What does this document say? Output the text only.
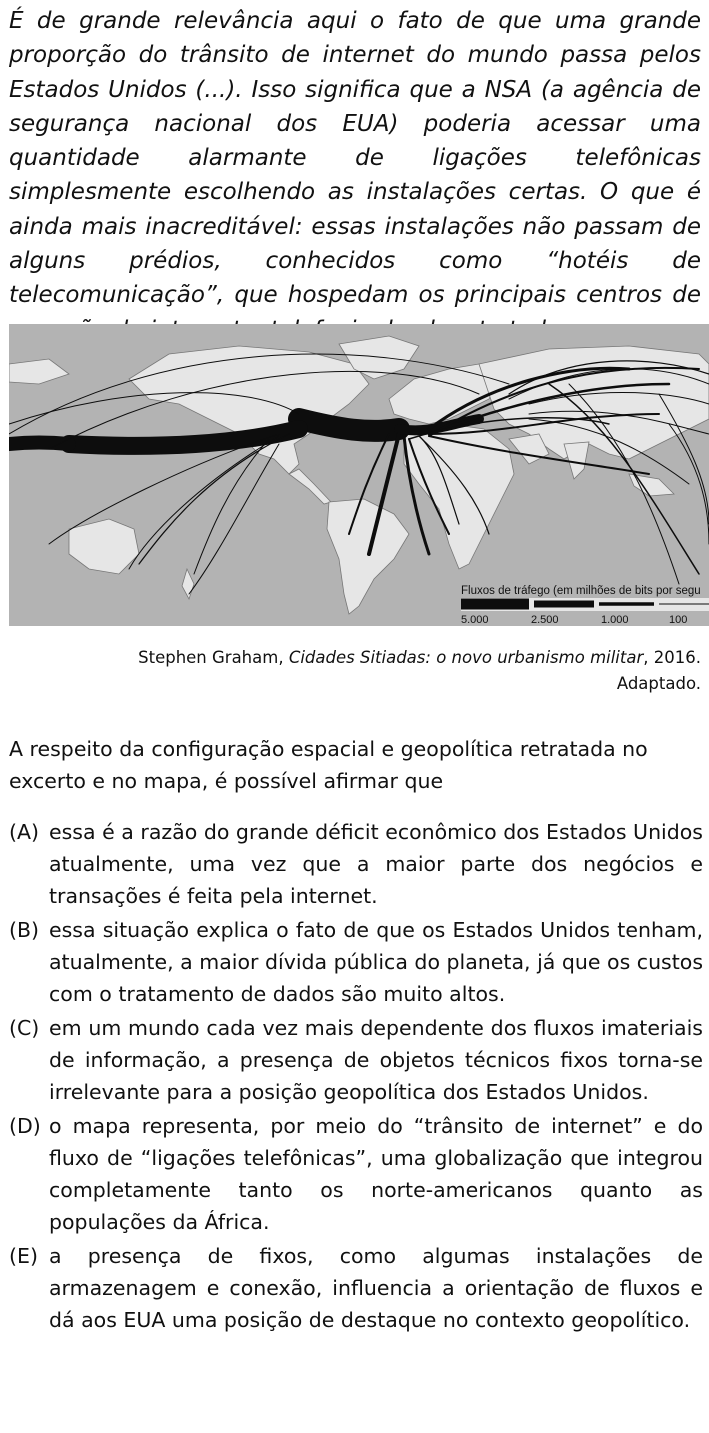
É de grande relevância aqui o fato de que uma grande proporção do trânsito de internet do mundo passa pelos Estados Unidos (...). Isso significa que a NSA (a agência de segurança nacional dos EUA) poderia acessar uma quantidade alarmante de ligações telefônicas simplesmente escolhendo as instalações certas. O que é ainda mais inacreditável: essas instalações não passam de alguns prédios, conhecidos como “hotéis de telecomunicação”, que hospedam os principais centros de

Fluxos de tráfego (em milhões de bits por segu
5.000	2.500	1.000	100
Stephen Graham, Cidades Sitiadas: o novo urbanismo militar, 2016.
Adaptado.

A respeito da configuração espacial e geopolítica retratada no excerto e no mapa, é possível afirmar que

(A) essa é a razão do grande déficit econômico dos Estados Unidos atualmente, uma vez que a maior parte dos negócios e transações é feita pela internet.
(B) essa situação explica o fato de que os Estados Unidos tenham, atualmente, a maior dívida pública do planeta, já que os custos com o tratamento de dados são muito altos.
(C) em um mundo cada vez mais dependente dos fluxos imateriais de informação, a presença de objetos técnicos fixos torna-se irrelevante para a posição geopolítica dos Estados Unidos.
(D) o mapa representa, por meio do “trânsito de internet” e do fluxo de “ligações telefônicas”, uma globalização que integrou completamente tanto os norte-americanos quanto as populações da África.
(E) a presença de fixos, como algumas instalações de armazenagem e conexão, influencia a orientação de fluxos e dá aos EUA uma posição de destaque no contexto geopolítico.
